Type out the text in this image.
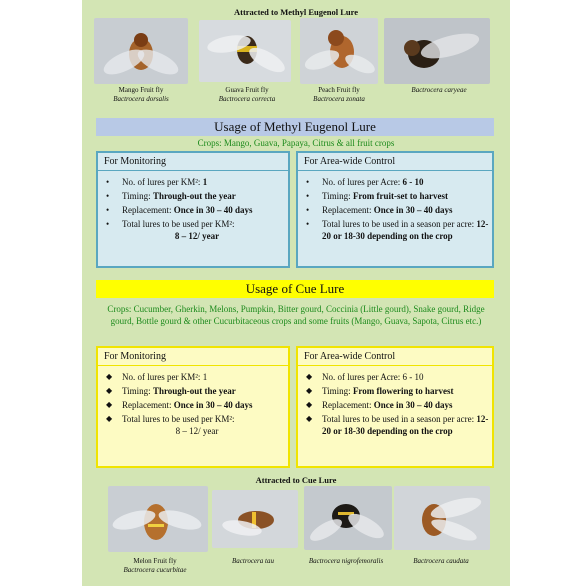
Attracted to Methyl Eugenol Lure
Mango Fruit fly
Bactrocera dorsalis
Guava Fruit fly
Bactrocera correcta
Peach Fruit fly
Bactrocera zonata
Bactrocera caryeae
Usage of Methyl Eugenol Lure
Crops: Mango, Guava, Papaya, Citrus & all fruit crops
For Monitoring
• No. of lures per KM²: 1
• Timing: Through-out the year
• Replacement: Once in 30 – 40 days
• Total lures to be used per KM²:
8 – 12/ year
For Area-wide Control
• No. of lures per Acre: 6 - 10
• Timing: From fruit-set to harvest
• Replacement: Once in 30 – 40 days
• Total lures to be used in a season per acre: 12-20 or 18-30 depending on the crop
Usage of Cue Lure
Crops: Cucumber, Gherkin, Melons, Pumpkin, Bitter gourd, Coccinia (Little gourd), Snake gourd, Ridge gourd, Bottle gourd & other Cucurbitaceous crops and some fruits (Mango, Guava, Sapota, Citrus etc.)
For Monitoring
◆ No. of lures per KM²: 1
◆ Timing: Through-out the year
◆ Replacement: Once in 30 – 40 days
◆ Total lures to be used per KM²:
8 – 12/ year
For Area-wide Control
◆ No. of lures per Acre: 6 - 10
◆ Timing: From flowering to harvest
◆ Replacement: Once in 30 – 40 days
◆ Total lures to be used in a season per acre: 12-20 or 18-30 depending on the crop
Attracted to Cue Lure
Melon Fruit fly
Bactrocera cucurbitae
Bactrocera tau	Bactrocera nigrofemoralis	Bactrocera caudata
